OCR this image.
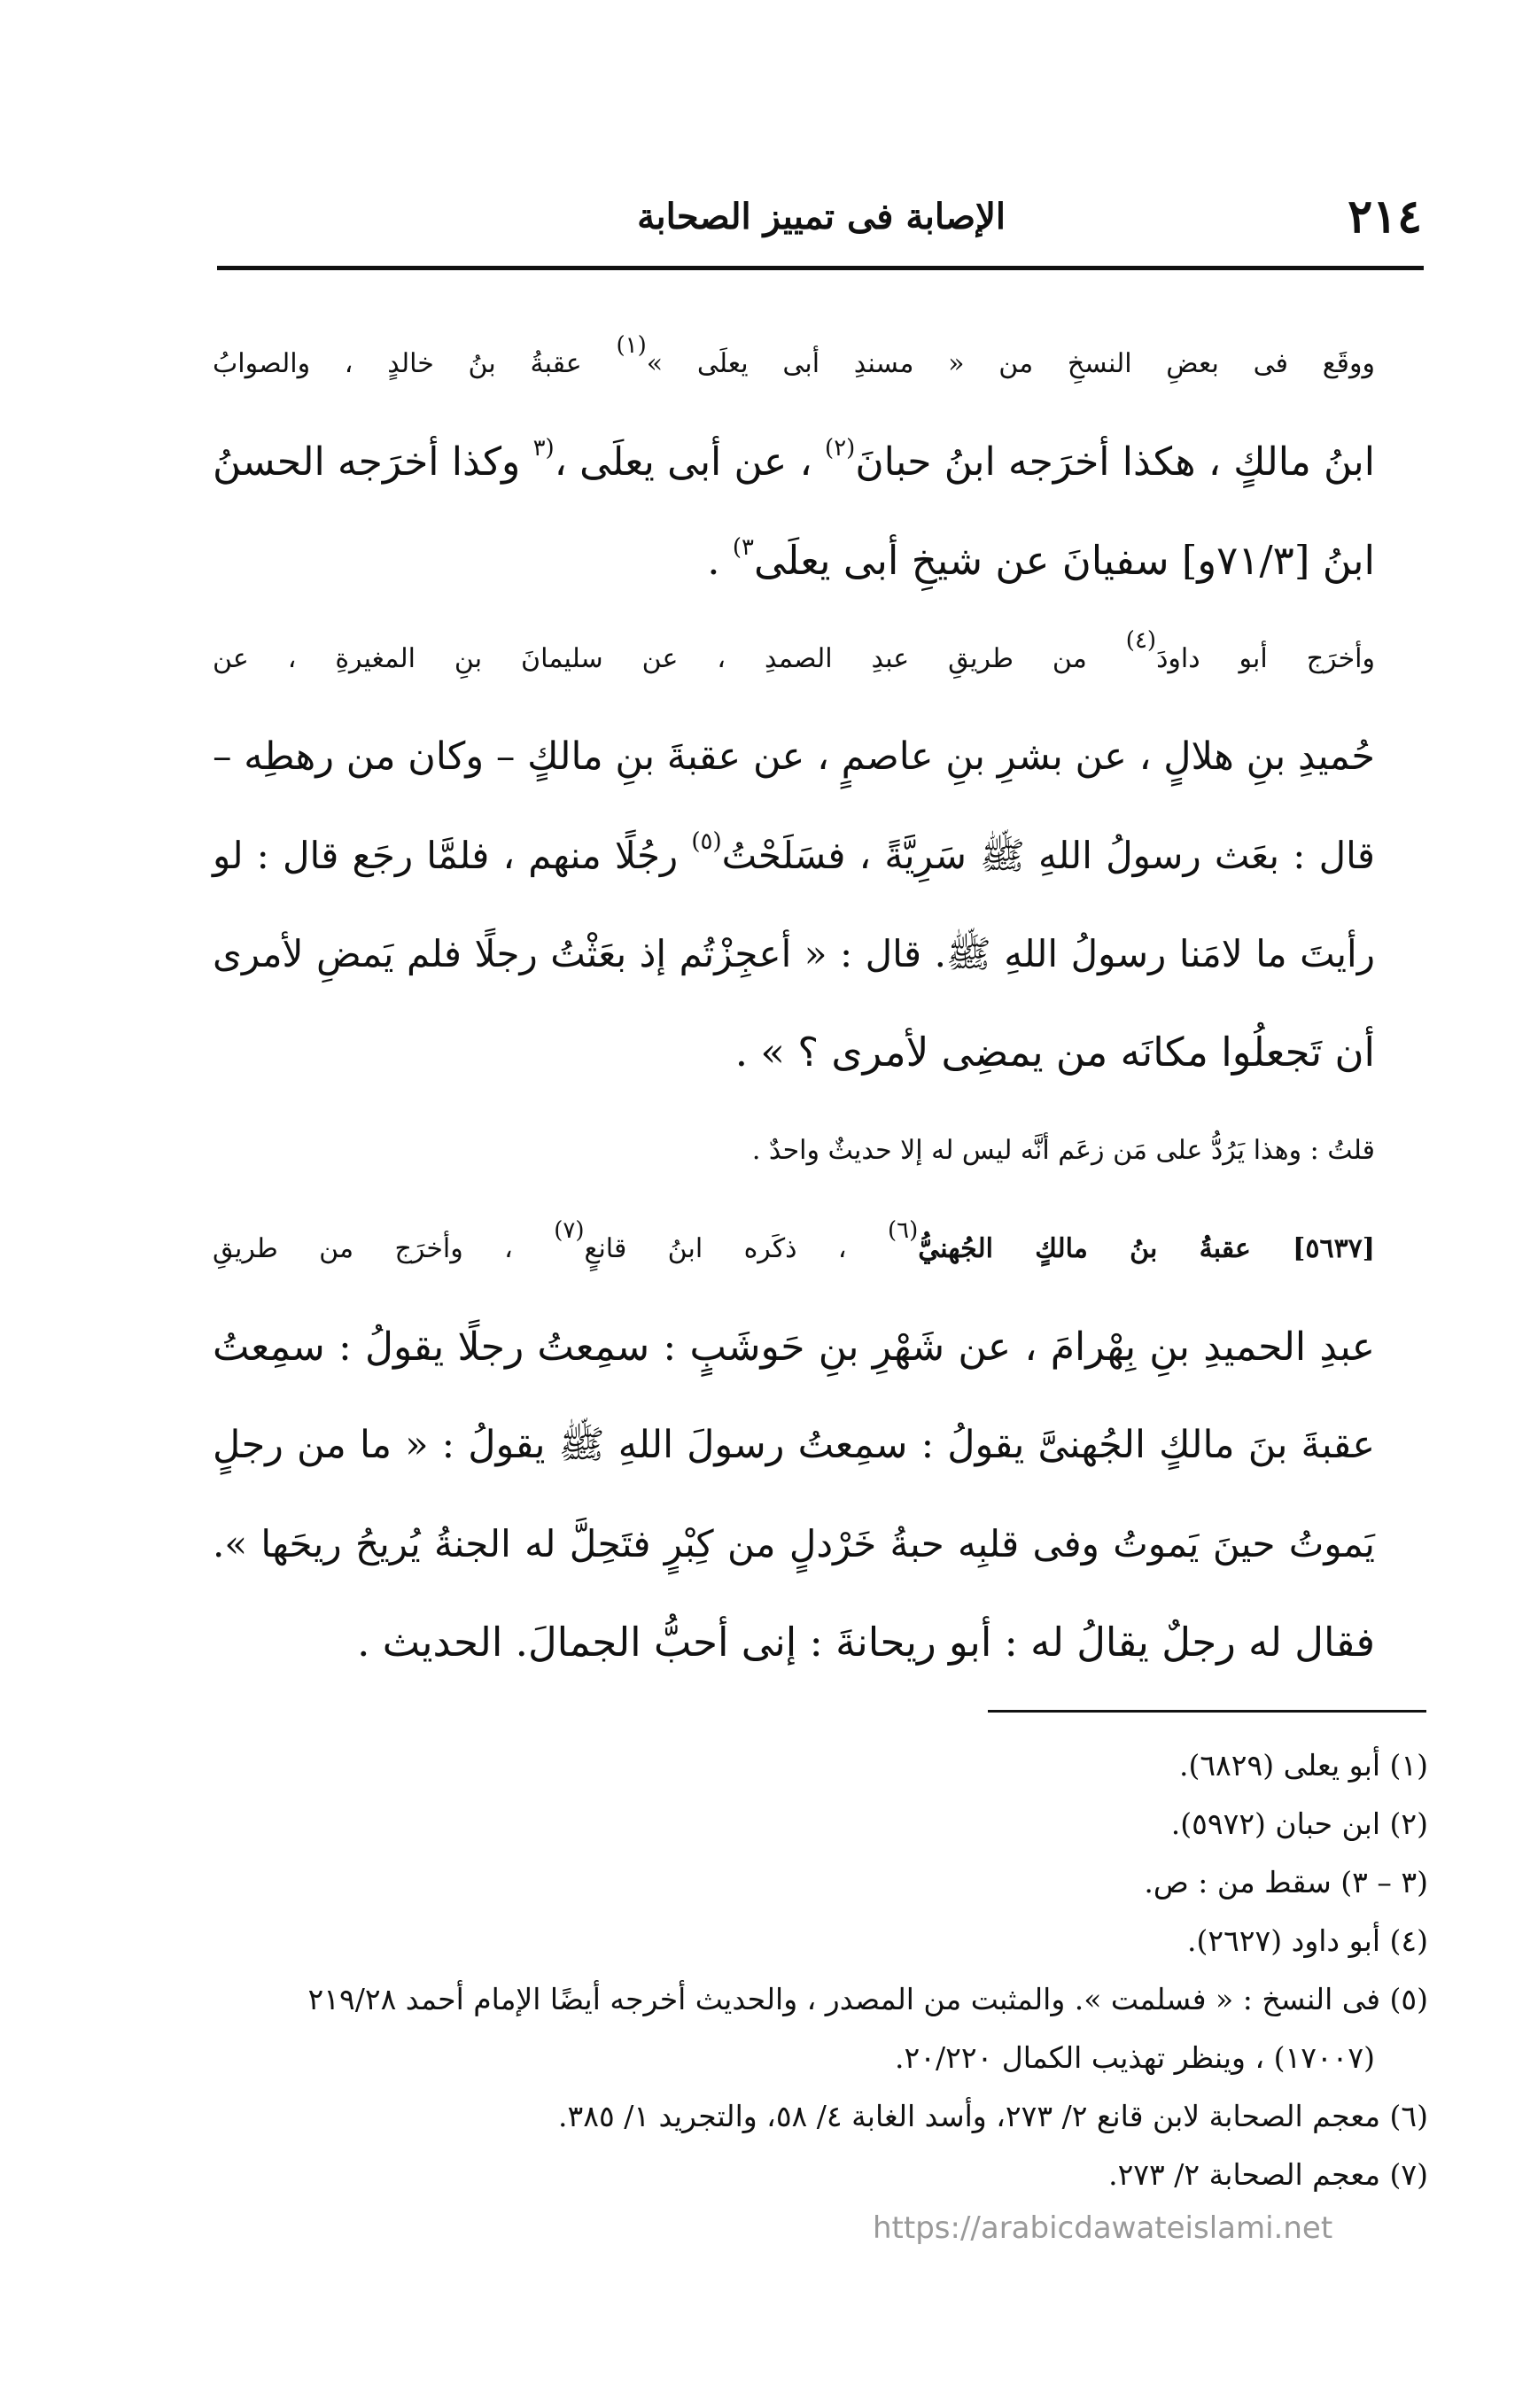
٢١٤
الإصابة فى تمييز الصحابة

ووقَع فى بعضِ النسخِ من « مسندِ أبى يعلَى »$^{(١)}$ عقبةُ بنُ خالدٍ ، والصوابُ
ابنُ مالكٍ ، هكذا أخرَجه ابنُ حبانَ$^{(٢)}$ ، عن أبى يعلَى ،$^{(٣}$ وكذا أخرَجه الحسنُ
ابنُ [٧١/٣و] سفيانَ عن شيخِ أبى يعلَى$^{٣)}$ .

وأخرَج أبو داودَ$^{(٤)}$ من طريقِ عبدِ الصمدِ ، عن سليمانَ بنِ المغيرةِ ، عن
حُميدِ بنِ هلالٍ ، عن بشرِ بنِ عاصمٍ ، عن عقبةَ بنِ مالكٍ – وكان من رهطِه –
قال : بعَث رسولُ اللهِ ﷺ سَرِيَّةً ، فسَلَحْتُ$^{(٥)}$ رجُلًا منهم ، فلمَّا رجَع قال : لو
رأيتَ ما لامَنا رسولُ اللهِ ﷺ. قال : « أعجِزْتُم إذ بعَثْتُ رجلًا فلم يَمضِ لأمرى
أن تَجعلُوا مكانَه من يمضِى لأمرى ؟ » .

قلتُ : وهذا يَرُدُّ على مَن زعَم أنَّه ليس له إلا حديثٌ واحدٌ .

[٥٦٣٧] عقبةُ بنُ مالكٍ الجُهنيُّ$^{(٦)}$ ، ذكَره ابنُ قانعٍ$^{(٧)}$ ، وأخرَج من طريقِ
عبدِ الحميدِ بنِ بِهْرامَ ، عن شَهْرِ بنِ حَوشَبٍ : سمِعتُ رجلًا يقولُ : سمِعتُ
عقبةَ بنَ مالكٍ الجُهنىَّ يقولُ : سمِعتُ رسولَ اللهِ ﷺ يقولُ : « ما من رجلٍ
يَموتُ حينَ يَموتُ وفى قلبِه حبةُ خَرْدلٍ من كِبْرٍ فتَحِلَّ له الجنةُ يُريحُ ريحَها ».
فقال له رجلٌ يقالُ له : أبو ريحانةَ : إنى أحبُّ الجمالَ. الحديث .

(١) أبو يعلى (٦٨٢٩).

(٢) ابن حبان (٥٩٧٢).

(٣ – ٣) سقط من : ص.

(٤) أبو داود (٢٦٢٧).

(٥) فى النسخ : « فسلمت ». والمثبت من المصدر ، والحديث أخرجه أيضًا الإمام أحمد ٢١٩/٢٨

(١٧٠٠٧) ، وينظر تهذيب الكمال ٢٠/٢٢٠.

(٦) معجم الصحابة لابن قانع ٢/ ٢٧٣، وأسد الغابة ٤/ ٥٨، والتجريد ١/ ٣٨٥.

(٧) معجم الصحابة ٢/ ٢٧٣.

https://arabicdawateislami.net
